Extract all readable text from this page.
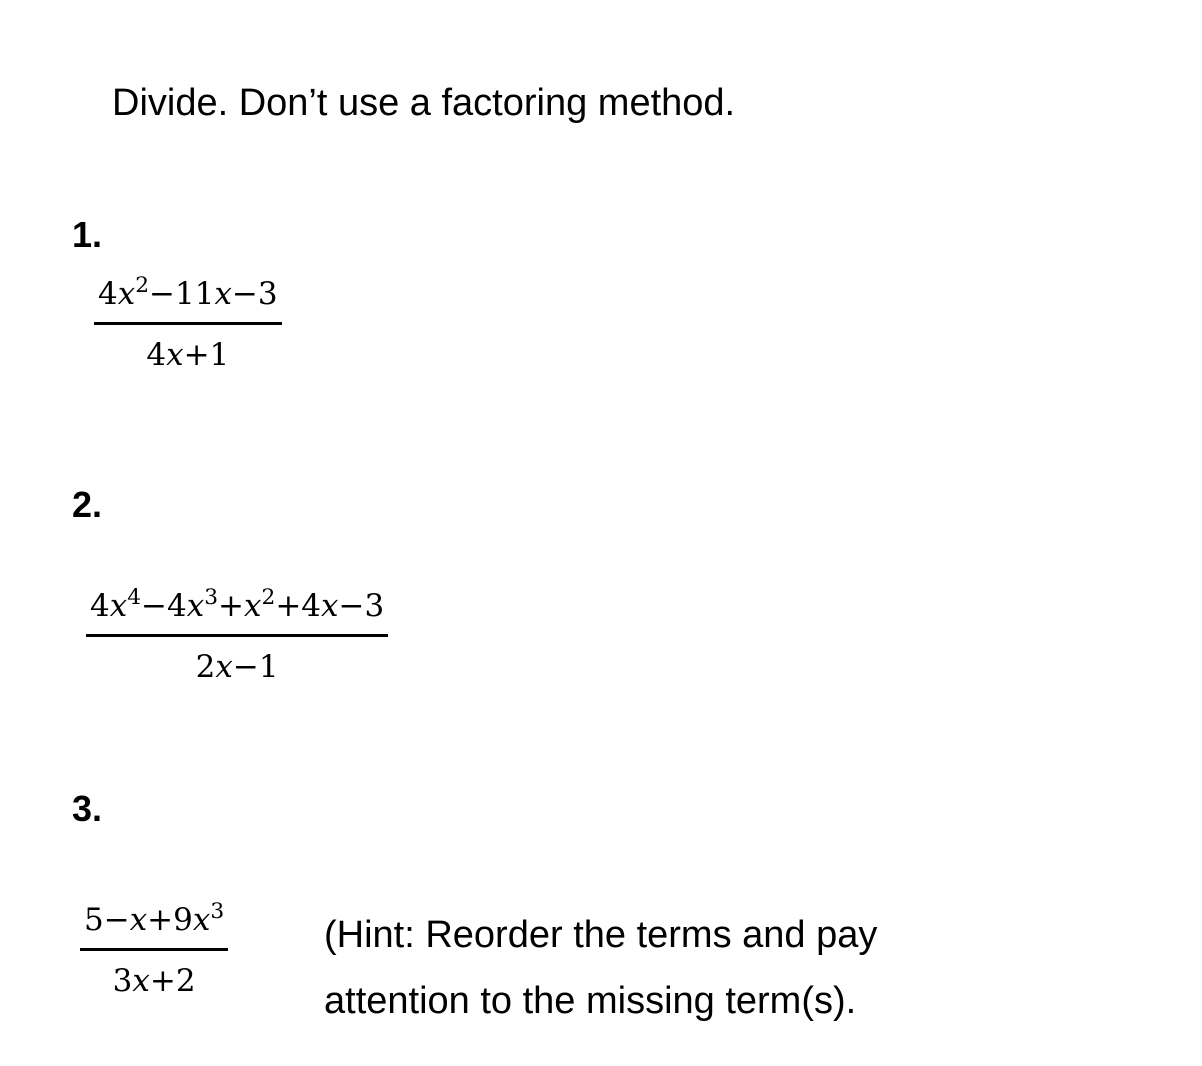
Divide. Don’t use a factoring method.
1.
4𝑥$^2$−11𝑥−3
4𝑥+1
2.
4𝑥$^4$−4𝑥$^3$+𝑥$^2$+4𝑥−3
2𝑥−1
3.
5−𝑥+9𝑥$^3$
3𝑥+2
(Hint: Reorder the terms and pay
attention to the missing term(s).
